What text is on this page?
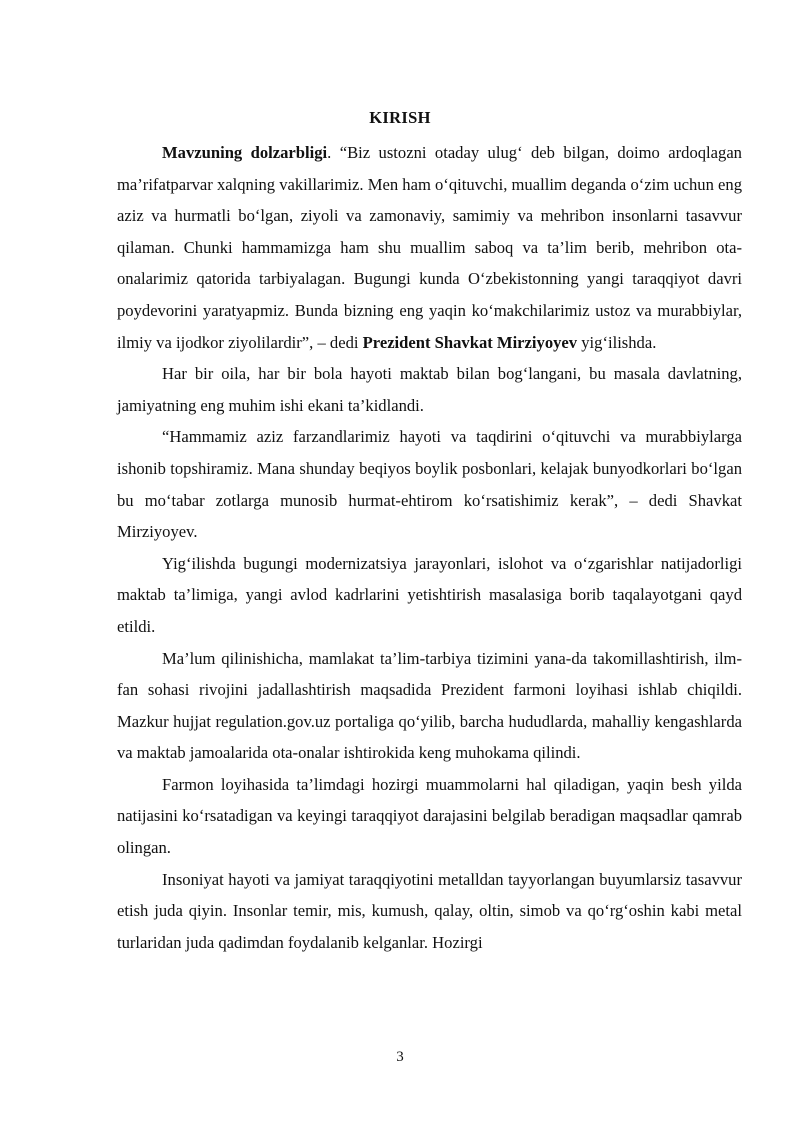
KIRISH

Mavzuning dolzarbligi. “Biz ustozni otaday ulug‘ deb bilgan, doimo ardoqlagan ma’rifatparvar xalqning vakillarimiz. Men ham o‘qituvchi, muallim deganda o‘zim uchun eng aziz va hurmatli bo‘lgan, ziyoli va zamonaviy, samimiy va mehribon insonlarni tasavvur qilaman. Chunki hammamizga ham shu muallim saboq va ta’lim berib, mehribon ota-onalarimiz qatorida tarbiyalagan. Bugungi kunda O‘zbekistonning yangi taraqqiyot davri poydevorini yaratyapmiz. Bunda bizning eng yaqin ko‘makchilarimiz ustoz va murabbiylar, ilmiy va ijodkor ziyolilardir”, – dedi Prezident Shavkat Mirziyoyev yig‘ilishda.

Har bir oila, har bir bola hayoti maktab bilan bog‘langani, bu masala davlatning, jamiyatning eng muhim ishi ekani ta’kidlandi.

“Hammamiz aziz farzandlarimiz hayoti va taqdirini o‘qituvchi va murabbiylarga ishonib topshiramiz. Mana shunday beqiyos boylik posbonlari, kelajak bunyodkorlari bo‘lgan bu mo‘tabar zotlarga munosib hurmat-ehtirom ko‘rsatishimiz kerak”, – dedi Shavkat Mirziyoyev.

Yig‘ilishda bugungi modernizatsiya jarayonlari, islohot va o‘zgarishlar natijadorligi maktab ta’limiga, yangi avlod kadrlarini yetishtirish masalasiga borib taqalayotgani qayd etildi.

Ma’lum qilinishicha, mamlakat ta’lim-tarbiya tizimini yana-da takomillashtirish, ilm-fan sohasi rivojini jadallashtirish maqsadida Prezident farmoni loyihasi ishlab chiqildi. Mazkur hujjat regulation.gov.uz portaliga qo‘yilib, barcha hududlarda, mahalliy kengashlarda va maktab jamoalarida ota-onalar ishtirokida keng muhokama qilindi.

Farmon loyihasida ta’limdagi hozirgi muammolarni hal qiladigan, yaqin besh yilda natijasini ko‘rsatadigan va keyingi taraqqiyot darajasini belgilab beradigan maqsadlar qamrab olingan.

Insoniyat hayoti va jamiyat taraqqiyotini metalldan tayyorlangan buyumlarsiz tasavvur etish juda qiyin. Insonlar temir, mis, kumush, qalay, oltin, simob va qo‘rg‘oshin kabi metal turlaridan juda qadimdan foydalanib kelganlar. Hozirgi

3
